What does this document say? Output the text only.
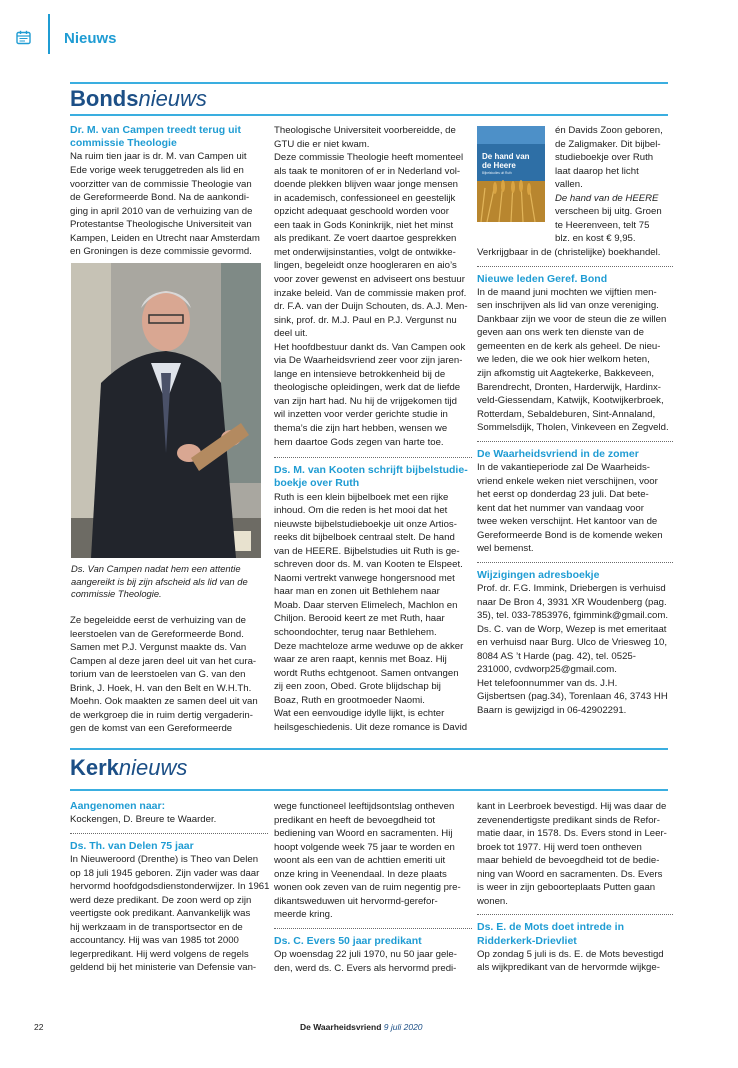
Nieuws
Bondsnieuws
Dr. M. van Campen treedt terug uit
commissie Theologie

Na ruim tien jaar is dr. M. van Campen uit
Ede vorige week teruggetreden als lid en
voorzitter van de commissie Theologie van
de Gereformeerde Bond. Na de aankondi-
ging in april 2010 van de verhuizing van de
Protestantse Theologische Universiteit van
Kampen, Leiden en Utrecht naar Amsterdam
en Groningen is deze commissie gevormd.

Ds. Van Campen nadat hem een attentie
aangereikt is bij zijn afscheid als lid van de
commissie Theologie.

Ze begeleidde eerst de verhuizing van de
leerstoelen van de Gereformeerde Bond.
Samen met P.J. Vergunst maakte ds. Van
Campen al deze jaren deel uit van het cura-
torium van de leerstoelen van G. van den
Brink, J. Hoek, H. van den Belt en W.H.Th.
Moehn. Ook maakten ze samen deel uit van
de werkgroep die in ruim dertig vergaderin-
gen de komst van een Gereformeerde

Theologische Universiteit voorbereidde, de
GTU die er niet kwam.
Deze commissie Theologie heeft momenteel
als taak te monitoren of er in Nederland vol-
doende plekken blijven waar jonge mensen
in academisch, confessioneel en geestelijk
opzicht adequaat geschoold worden voor
een taak in Gods Koninkrijk, niet het minst
als predikant. Ze voert daartoe gesprekken
met onderwijsinstanties, volgt de ontwikke-
lingen, begeleidt onze hoogleraren en aio’s
voor zover gewenst en adviseert ons bestuur
inzake beleid. Van de commissie maken prof.
dr. F.A. van der Duijn Schouten, ds. A.J. Men-
sink, prof. dr. M.J. Paul en P.J. Vergunst nu
deel uit.
Het hoofdbestuur dankt ds. Van Campen ook
via De Waarheidsvriend zeer voor zijn jaren-
lange en intensieve betrokkenheid bij de
theologische opleidingen, werk dat de liefde
van zijn hart had. Nu hij de vrijgekomen tijd
wil inzetten voor verder gerichte studie in
thema’s die zijn hart hebben, wensen we
hem daartoe Gods zegen van harte toe.

Ds. M. van Kooten schrijft bijbelstudie-
boekje over Ruth

Ruth is een klein bijbelboek met een rijke
inhoud. Om die reden is het mooi dat het
nieuwste bijbelstudieboekje uit onze Artios-
reeks dit bijbelboek centraal stelt. De hand
van de HEERE. Bijbelstudies uit Ruth is ge-
schreven door ds. M. van Kooten te Elspeet.
Naomi vertrekt vanwege hongersnood met
haar man en zonen uit Bethlehem naar
Moab. Daar sterven Elimelech, Machlon en
Chiljon. Berooid keert ze met Ruth, haar
schoondochter, terug naar Bethlehem.
Deze machteloze arme weduwe op de akker
waar ze aren raapt, kennis met Boaz. Hij
wordt Ruths echtgenoot. Samen ontvangen
zij een zoon, Obed. Grote blijdschap bij
Boaz, Ruth en grootmoeder Naomi.
Wat een eenvoudige idylle lijkt, is echter
heilsgeschiedenis. Uit deze romance is David

De hand van
de Heere
Bijbelstudies uit Ruth

én Davids Zoon geboren,
de Zaligmaker. Dit bijbel-
studieboekje over Ruth
laat daarop het licht
vallen.
De hand van de HEERE
verscheen bij uitg. Groen
te Heerenveen, telt 75
blz. en kost € 9,95.

Verkrijgbaar in de (christelijke) boekhandel.

Nieuwe leden Geref. Bond

In de maand juni mochten we vijftien men-
sen inschrijven als lid van onze vereniging.
Dankbaar zijn we voor de steun die ze willen
geven aan ons werk ten dienste van de
gemeenten en de kerk als geheel. De nieu-
we leden, die we ook hier welkom heten,
zijn afkomstig uit Aagtekerke, Bakkeveen,
Barendrecht, Dronten, Harderwijk, Hardinx-
veld-Giessendam, Katwijk, Kootwijkerbroek,
Rotterdam, Sebaldeburen, Sint-Annaland,
Sommelsdijk, Tholen, Vinkeveen en Zegveld.

De Waarheidsvriend in de zomer

In de vakantieperiode zal De Waarheids-
vriend enkele weken niet verschijnen, voor
het eerst op donderdag 23 juli. Dat bete-
kent dat het nummer van vandaag voor
twee weken verschijnt. Het kantoor van de
Gereformeerde Bond is de komende weken
wel bemenst.

Wijzigingen adresboekje

Prof. dr. F.G. Immink, Driebergen is verhuisd
naar De Bron 4, 3931 XR Woudenberg (pag.
35), tel. 033-7853976, fgimmink@gmail.com.
Ds. C. van de Worp, Wezep is met emeritaat
en verhuisd naar Burg. Ulco de Vriesweg 10,
8084 AS ’t Harde (pag. 42), tel. 0525-
231000, cvdworp25@gmail.com.
Het telefoonnummer van ds. J.H.
Gijsbertsen (pag.34), Torenlaan 46, 3743 HH
Baarn is gewijzigd in 06-42902291.

Kerknieuws
Aangenomen naar:

Kockengen, D. Breure te Waarder.

Ds. Th. van Delen 75 jaar

In Nieuweroord (Drenthe) is Theo van Delen
op 18 juli 1945 geboren. Zijn vader was daar
hervormd hoofdgodsdienstonderwijzer. In 1961
werd deze predikant. De zoon werd op zijn
veertigste ook predikant. Aanvankelijk was
hij werkzaam in de transportsector en de
accountancy. Hij was van 1985 tot 2000
legerpredikant. Hij werd volgens de regels
geldend bij het ministerie van Defensie van-

wege functioneel leeftijdsontslag ontheven
predikant en heeft de bevoegdheid tot
bediening van Woord en sacramenten. Hij
hoopt volgende week 75 jaar te worden en
woont als een van de achttien emeriti uit
onze kring in Veenendaal. In deze plaats
wonen ook zeven van de ruim negentig pre-
dikantsweduwen uit hervormd-gerefor-
meerde kring.

Ds. C. Evers 50 jaar predikant

Op woensdag 22 juli 1970, nu 50 jaar gele-
den, werd ds. C. Evers als hervormd predi-

kant in Leerbroek bevestigd. Hij was daar de
zevenendertigste predikant sinds de Refor-
matie daar, in 1578. Ds. Evers stond in Leer-
broek tot 1977. Hij werd toen ontheven
maar behield de bevoegdheid tot de bedie-
ning van Woord en sacramenten. Ds. Evers
is weer in zijn geboorteplaats Putten gaan
wonen.

Ds. E. de Mots doet intrede in
Ridderkerk-Drievliet

Op zondag 5 juli is ds. E. de Mots bevestigd
als wijkpredikant van de hervormde wijkge-

22	De Waarheidsvriend 9 juli 2020
